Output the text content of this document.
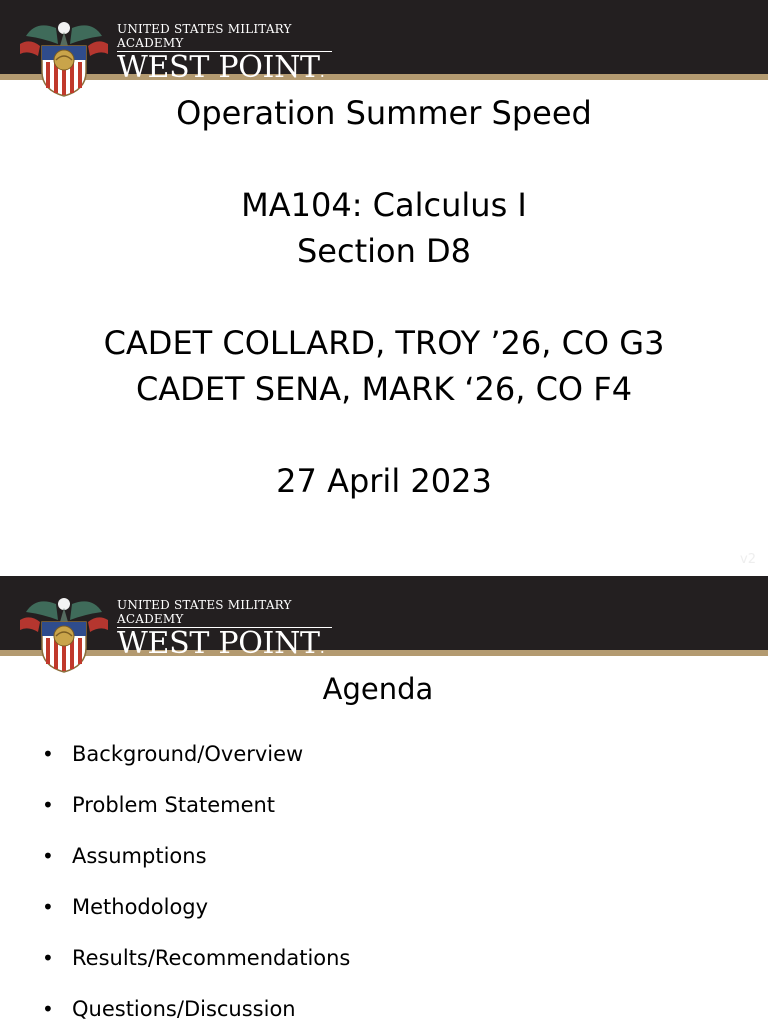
UNITED STATES MILITARY ACADEMY
WEST POINT.
Operation Summer Speed
MA104: Calculus I
Section D8
CADET COLLARD, TROY ’26, CO G3
CADET SENA, MARK ‘26, CO F4
27 April 2023
v2
UNITED STATES MILITARY ACADEMY
WEST POINT.
Agenda
• Background/Overview
• Problem Statement
• Assumptions
• Methodology
• Results/Recommendations
• Questions/Discussion
